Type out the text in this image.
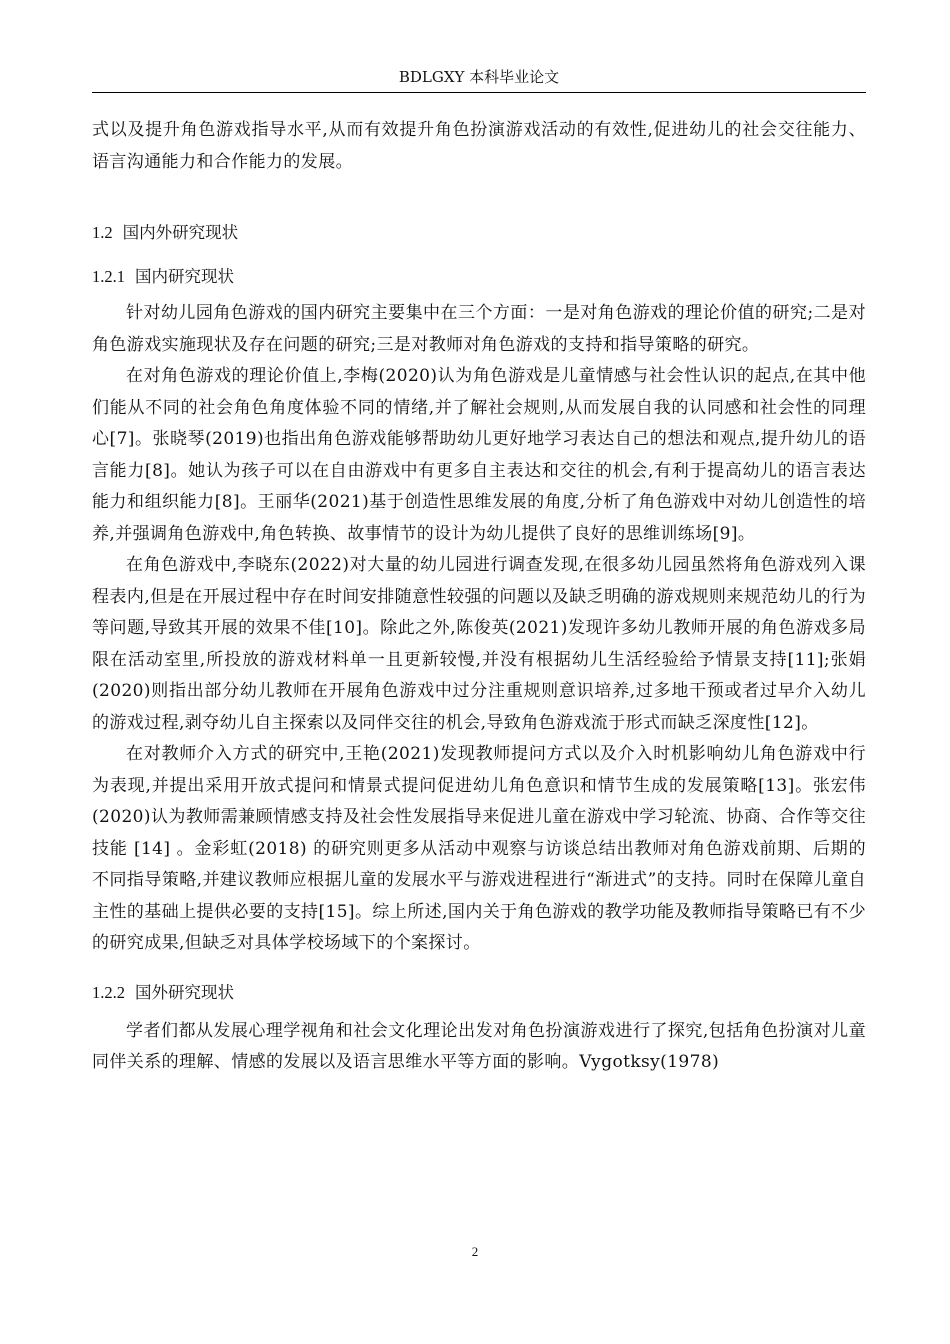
BDLGXY 本科毕业论文

式以及提升角色游戏指导水平,从而有效提升角色扮演游戏活动的有效性,促进幼儿的社会交往能力、语言沟通能力和合作能力的发展。

1.2 国内外研究现状
1.2.1 国内研究现状

针对幼儿园角色游戏的国内研究主要集中在三个方面：一是对角色游戏的理论价值的研究;二是对角色游戏实施现状及存在问题的研究;三是对教师对角色游戏的支持和指导策略的研究。

在对角色游戏的理论价值上,李梅(2020)认为角色游戏是儿童情感与社会性认识的起点,在其中他们能从不同的社会角色角度体验不同的情绪,并了解社会规则,从而发展自我的认同感和社会性的同理心[7]。张晓琴(2019)也指出角色游戏能够帮助幼儿更好地学习表达自己的想法和观点,提升幼儿的语言能力[8]。她认为孩子可以在自由游戏中有更多自主表达和交往的机会,有利于提高幼儿的语言表达能力和组织能力[8]。王丽华(2021)基于创造性思维发展的角度,分析了角色游戏中对幼儿创造性的培养,并强调角色游戏中,角色转换、故事情节的设计为幼儿提供了良好的思维训练场[9]。

在角色游戏中,李晓东(2022)对大量的幼儿园进行调查发现,在很多幼儿园虽然将角色游戏列入课程表内,但是在开展过程中存在时间安排随意性较强的问题以及缺乏明确的游戏规则来规范幼儿的行为等问题,导致其开展的效果不佳[10]。除此之外,陈俊英(2021)发现许多幼儿教师开展的角色游戏多局限在活动室里,所投放的游戏材料单一且更新较慢,并没有根据幼儿生活经验给予情景支持[11];张娟(2020)则指出部分幼儿教师在开展角色游戏中过分注重规则意识培养,过多地干预或者过早介入幼儿的游戏过程,剥夺幼儿自主探索以及同伴交往的机会,导致角色游戏流于形式而缺乏深度性[12]。

在对教师介入方式的研究中,王艳(2021)发现教师提问方式以及介入时机影响幼儿角色游戏中行为表现,并提出采用开放式提问和情景式提问促进幼儿角色意识和情节生成的发展策略[13]。张宏伟(2020)认为教师需兼顾情感支持及社会性发展指导来促进儿童在游戏中学习轮流、协商、合作等交往技能 [14] 。金彩虹(2018) 的研究则更多从活动中观察与访谈总结出教师对角色游戏前期、后期的不同指导策略,并建议教师应根据儿童的发展水平与游戏进程进行“渐进式”的支持。同时在保障儿童自主性的基础上提供必要的支持[15]。综上所述,国内关于角色游戏的教学功能及教师指导策略已有不少的研究成果,但缺乏对具体学校场域下的个案探讨。

1.2.2 国外研究现状

学者们都从发展心理学视角和社会文化理论出发对角色扮演游戏进行了探究,包括角色扮演对儿童同伴关系的理解、情感的发展以及语言思维水平等方面的影响。Vygotksy(1978)

2
